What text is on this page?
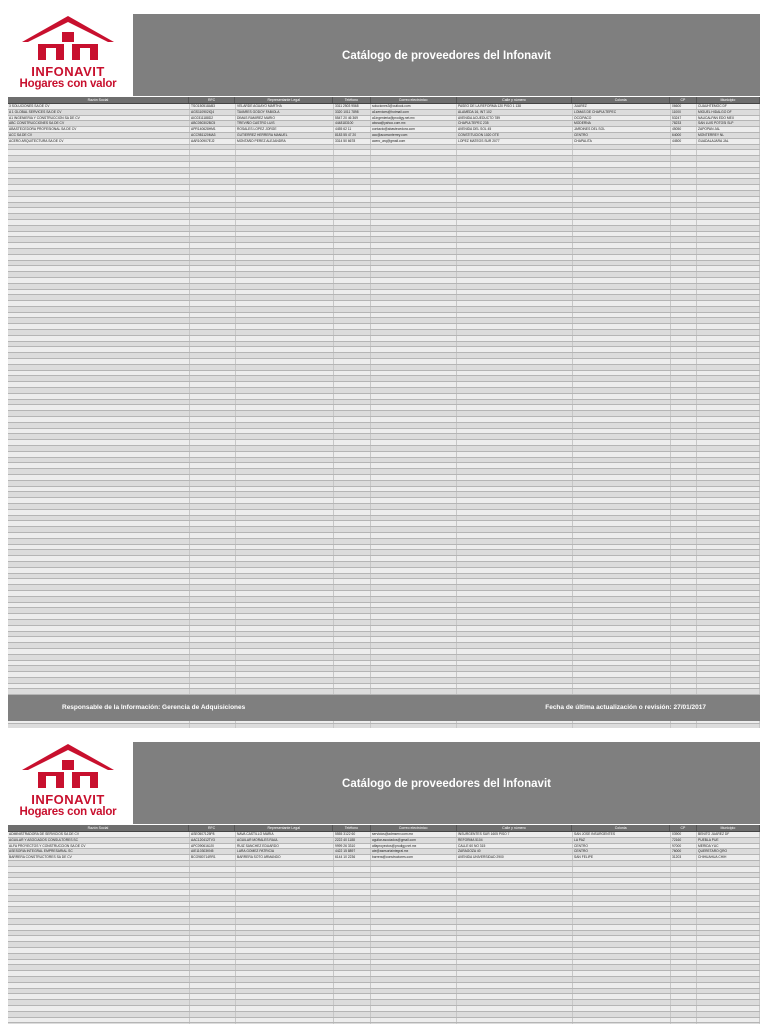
INFONAVIT
Hogares con valor
Catálogo de proveedores del Infonavit
Razón Social	RFC	Representante Legal	Teléfono	Correo electrónico	Calle y número	Colonia	CP	Municipio
3 SOLUCIONES SA DE CV	TSO150518AB3	VELARDE AGUAYO MARTHA	3311 2503 9568	soluciones3@outlook.com	PASEO DE LA REFORMA 120 PISO 1 138	JUAREZ	06600	CUAUHTEMOC DF
A 1 GLOBAL SERVICES SA DE CV	AGS110902IQ4	TAVARES GODOY FABIOLA	3320 1011 7898	a1services@hotmail.com	ALAMEDA 16, INT 102	LOMAS DE CHAPULTEPEC	11000	MIGUEL HIDALGO DF
A1 INGENIERIA Y CONSTRUCCION SA DE CV	AIC0311188D2	DIMAS RAMIREZ MARIO	5547 20 46 369	a1ingenieria@prodigy.net.mx	AVENIDA ACUEDUCTO 789	OCCIPACO	53247	NAUCALPAN EDO MEX
ABC CONSTRUCCIONES SA DE CV	ABC050302BC5	TREVIÑO CASTRO LUIS	4448183100	abcsa@yahoo.com.mx	CHAPULTEPEC 235	MODERNA	78233	SAN LUIS POTOSI SLP
ABASTECEDORA PROFESIONAL SA DE CV	APR140628HM1	ROSALES LOPEZ JORGE	4455 62 11	contacto@abastecedora.com	AVENIDA DEL SOL 45	JARDINES DEL SOL	45050	ZAPOPAN JAL
ACC SA DE CV	ACC981120MA3	GUTIERREZ HERRERA MANUEL	8183 55 47 20	acc@accmonterrey.com	CONSTITUCION 1020 OTE	CENTRO	64000	MONTERREY NL
ACERO ARQUITECTURA SA DE CV	AAR100907EJ2	MONTAÑO PEREZ ALEJANDRA	3314 50 6678	acero_arq@gmail.com	LOPEZ MATEOS SUR 2077	CHAPALITA	44500	GUADALAJARA JAL
Responsable de la Información: Gerencia de Adquisiciones	Fecha de última actualización o revisión: 27/01/2017
INFONAVIT
Hogares con valor
Catálogo de proveedores del Infonavit
Razón Social	RFC	Representante Legal	Teléfono	Correo electrónico	Calle y número	Colonia	CP	Municipio
ADMINISTRADORA DE SERVICIOS SA DE CV	ASE0507125P8	NAVA CASTILLO MARIA	5555 3122 60	servicios@admserv.com.mx	INSURGENTES SUR 1605 PISO 7	SAN JOSE INSURGENTES	03900	BENITO JUAREZ DF
AGUILAR Y ASOCIADOS CONSULTORES SC	AAC120412TV3	AGUILAR MORALES RAUL	2222 40 1188	aguilar.asociados@gmail.com	REFORMA 5104	LA PAZ	72160	PUEBLA PUE
ALFA PROYECTOS Y CONSTRUCCION SA DE CV	APC090616JJ0	RUIZ SANCHEZ EDUARDO	9999 26 3310	alfaproyectos@prodigy.net.mx	CALLE 60 NO 315	CENTRO	97000	MERIDA YUC
ASESORIA INTEGRAL EMPRESARIAL SC	AIE110303KN5	LARA GOMEZ PATRICIA	4422 15 8897	aie@asesoriaintegral.mx	ZARAGOZA 40	CENTRO	76000	QUERETARO QRO
BARRERA CONSTRUCTORES SA DE CV	BCO980714RR1	BARRERA SOTO ARMANDO	6144 10 2236	barrera@constructores.com	AVENIDA UNIVERSIDAD 2900	SAN FELIPE	31203	CHIHUAHUA CHIH
